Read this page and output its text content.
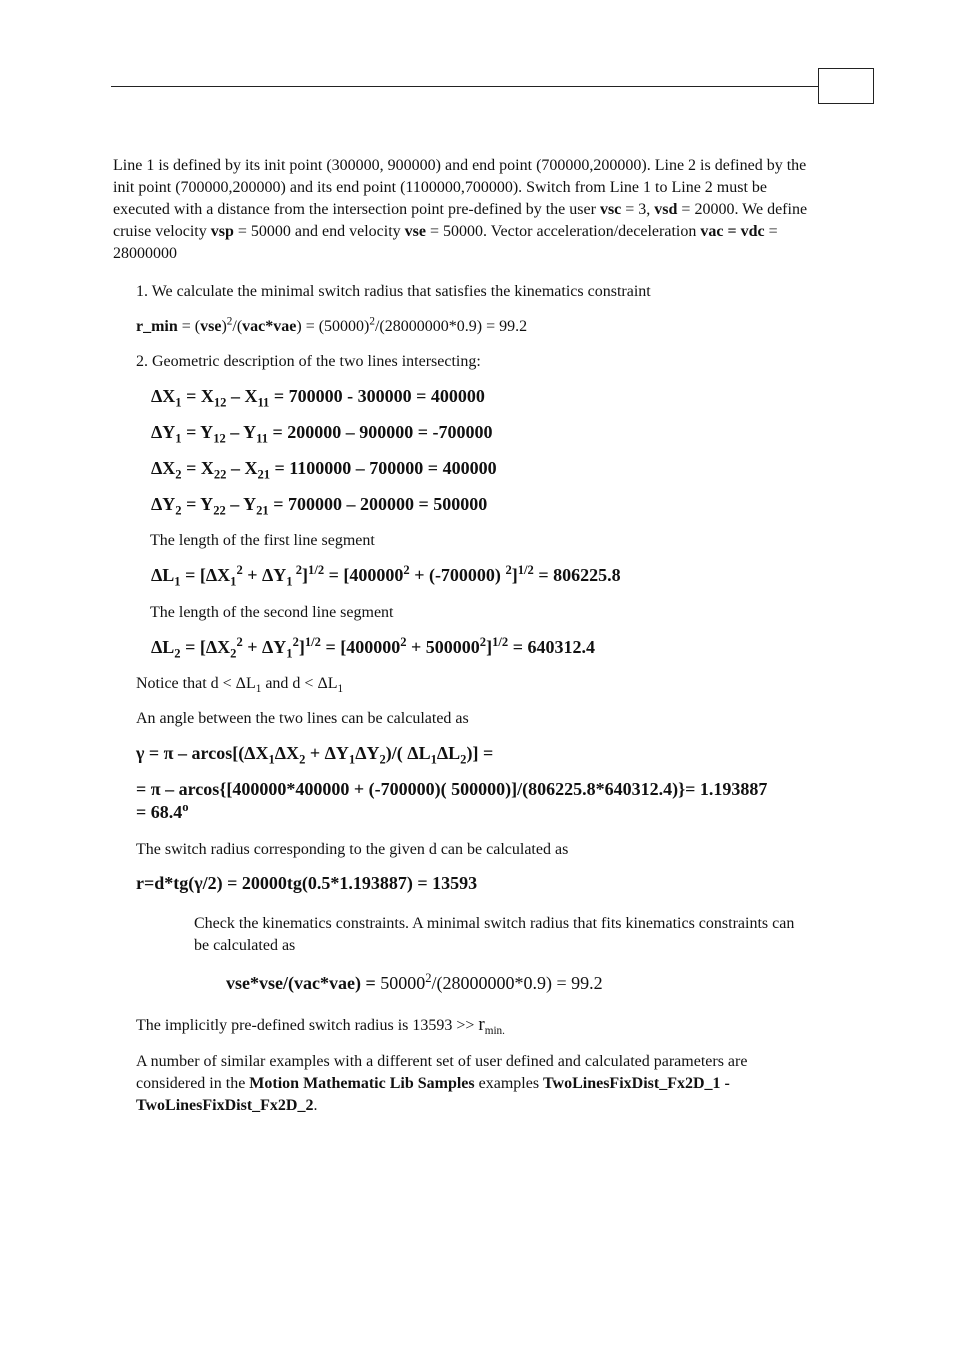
Line 1 is defined by its init point (300000, 900000) and end point (700000,200000). Line 2 is defined by the init point (700000,200000) and its end point (1100000,700000). Switch from Line 1 to Line 2 must be executed with a distance from the intersection point pre-defined by the user vsc = 3, vsd = 20000. We define cruise velocity vsp = 50000 and end velocity vse = 50000. Vector acceleration/deceleration vac = vdc = 28000000

1. We calculate the minimal switch radius that satisfies the kinematics constraint

r_min = $(vse)^2/(vac*vae) = (50000)^2/(28000000*0.9) = 99.2$

2. Geometric description of the two lines intersecting:

$\Delta X_1 = X_{12} - X_{11} = 700000 - 300000 = 400000$

$\Delta Y_1 = Y_{12} - Y_{11} = 200000 - 900000 = -700000$

$\Delta X_2 = X_{22} - X_{21} = 1100000 - 700000 = 400000$

$\Delta Y_2 = Y_{22} - Y_{21} = 700000 - 200000 = 500000$

The length of the first line segment

$\Delta L_1 = [\Delta X_1^2 + \Delta Y_1$ $^2]^{1/2} = [400000^2 + (-700000) ^2]^{1/2} = 806225.8$

The length of the second line segment

$\Delta L_2 = [\Delta X_2^2 + \Delta Y_1^2]^{1/2} = [400000^2 + 500000^2]^{1/2} = 640312.4$

Notice that $d < \Delta L_1$ and $d < \Delta L_1$

An angle between the two lines can be calculated as

$\gamma = \pi - arcos[(\Delta X_1\Delta X_2 + \Delta Y_1\Delta Y_2)/$( $\Delta L_1\Delta L_2$)] =

= π – arcos{[400000*400000 + (-700000)( $500000)]/(806225.8*640312.4)\}= 1.193887 = 68.4^o$

The switch radius corresponding to the given d can be calculated as

r=d*tg(γ/2) = 20000tg(0.5*1.193887) = 13593

Check the kinematics constraints. A minimal switch radius that fits kinematics constraints can be calculated as

$vse*vse/(vac*vae) = 50000^2/(28000000*0.9) = 99.2$

The implicitly pre-defined switch radius is $13593 >> r_{min.}$

A number of similar examples with a different set of user defined and calculated parameters are considered in the Motion Mathematic Lib Samples examples TwoLinesFixDist_Fx2D_1 - TwoLinesFixDist_Fx2D_2.
